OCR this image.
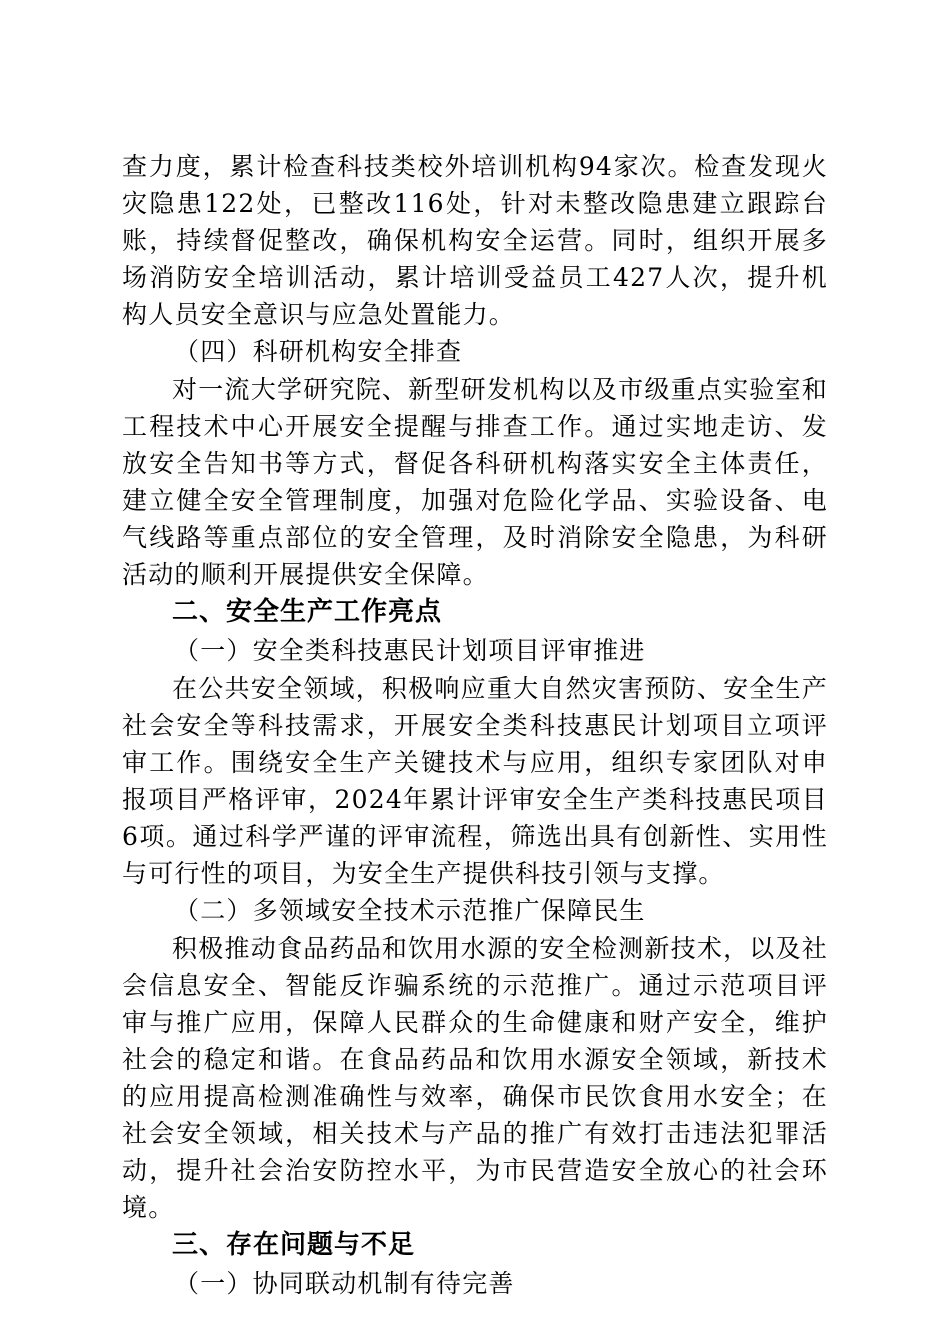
查力度，累计检查科技类校外培训机构94家次。检查发现火灾隐患122处，已整改116处，针对未整改隐患建立跟踪台账，持续督促整改，确保机构安全运营。同时，组织开展多场消防安全培训活动，累计培训受益员工427人次，提升机构人员安全意识与应急处置能力。

（四）科研机构安全排查

对一流大学研究院、新型研发机构以及市级重点实验室和工程技术中心开展安全提醒与排查工作。通过实地走访、发放安全告知书等方式，督促各科研机构落实安全主体责任，建立健全安全管理制度，加强对危险化学品、实验设备、电气线路等重点部位的安全管理，及时消除安全隐患，为科研活动的顺利开展提供安全保障。

二、安全生产工作亮点

（一）安全类科技惠民计划项目评审推进

在公共安全领域，积极响应重大自然灾害预防、安全生产社会安全等科技需求，开展安全类科技惠民计划项目立项评审工作。围绕安全生产关键技术与应用，组织专家团队对申报项目严格评审，2024年累计评审安全生产类科技惠民项目6项。通过科学严谨的评审流程，筛选出具有创新性、实用性与可行性的项目，为安全生产提供科技引领与支撑。

（二）多领域安全技术示范推广保障民生

积极推动食品药品和饮用水源的安全检测新技术，以及社会信息安全、智能反诈骗系统的示范推广。通过示范项目评审与推广应用，保障人民群众的生命健康和财产安全，维护社会的稳定和谐。在食品药品和饮用水源安全领域，新技术的应用提高检测准确性与效率，确保市民饮食用水安全；在社会安全领域，相关技术与产品的推广有效打击违法犯罪活动，提升社会治安防控水平，为市民营造安全放心的社会环境。

三、存在问题与不足

（一）协同联动机制有待完善
